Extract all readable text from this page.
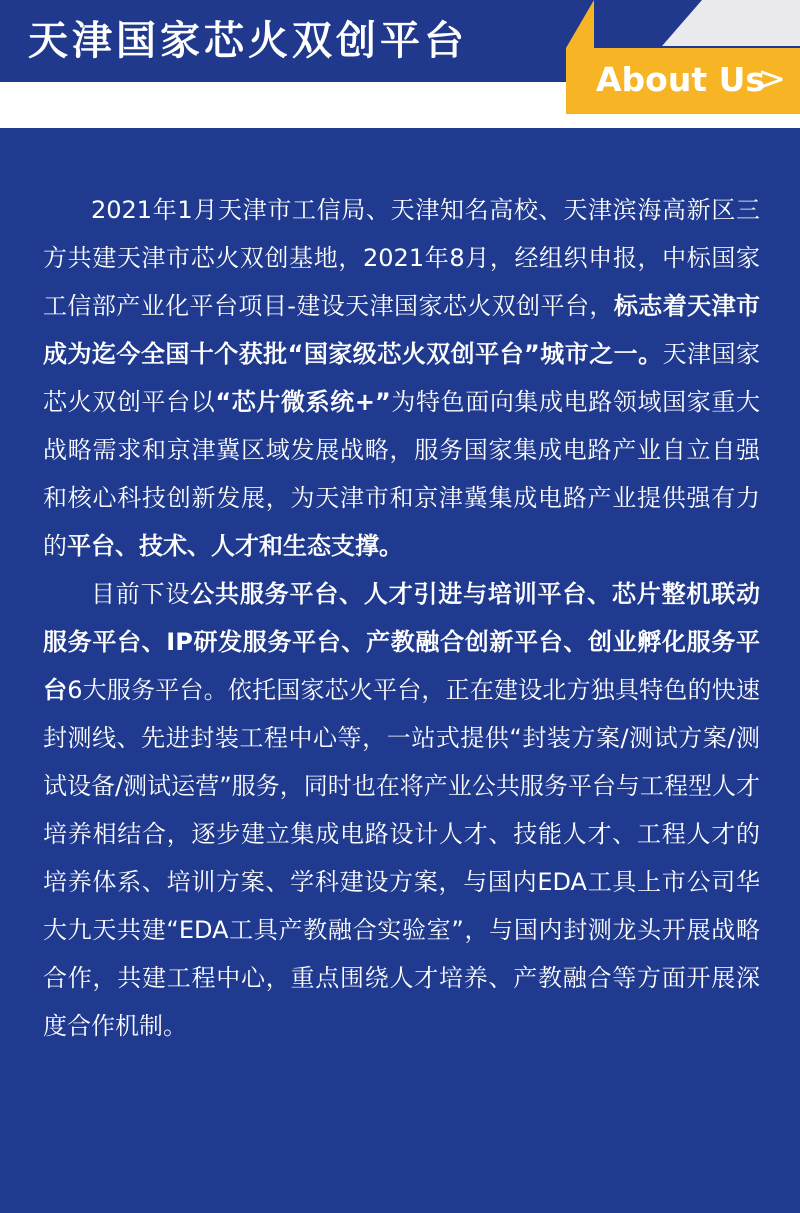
天津国家芯火双创平台
About Us
>

2021年1月天津市工信局、天津知名高校、天津滨海高新区三方共建天津市芯火双创基地，2021年8月，经组织申报，中标国家工信部产业化平台项目-建设天津国家芯火双创平台，标志着天津市成为迄今全国十个获批“国家级芯火双创平台”城市之一。天津国家芯火双创平台以“芯片微系统+”为特色面向集成电路领域国家重大战略需求和京津冀区域发展战略，服务国家集成电路产业自立自强和核心科技创新发展，为天津市和京津冀集成电路产业提供强有力的平台、技术、人才和生态支撑。

目前下设公共服务平台、人才引进与培训平台、芯片整机联动服务平台、IP研发服务平台、产教融合创新平台、创业孵化服务平台6大服务平台。依托国家芯火平台，正在建设北方独具特色的快速封测线、先进封装工程中心等，一站式提供“封装方案/测试方案/测试设备/测试运营”服务，同时也在将产业公共服务平台与工程型人才培养相结合，逐步建立集成电路设计人才、技能人才、工程人才的培养体系、培训方案、学科建设方案，与国内EDA工具上市公司华大九天共建“EDA工具产教融合实验室”，与国内封测龙头开展战略合作，共建工程中心，重点围绕人才培养、产教融合等方面开展深度合作机制。
